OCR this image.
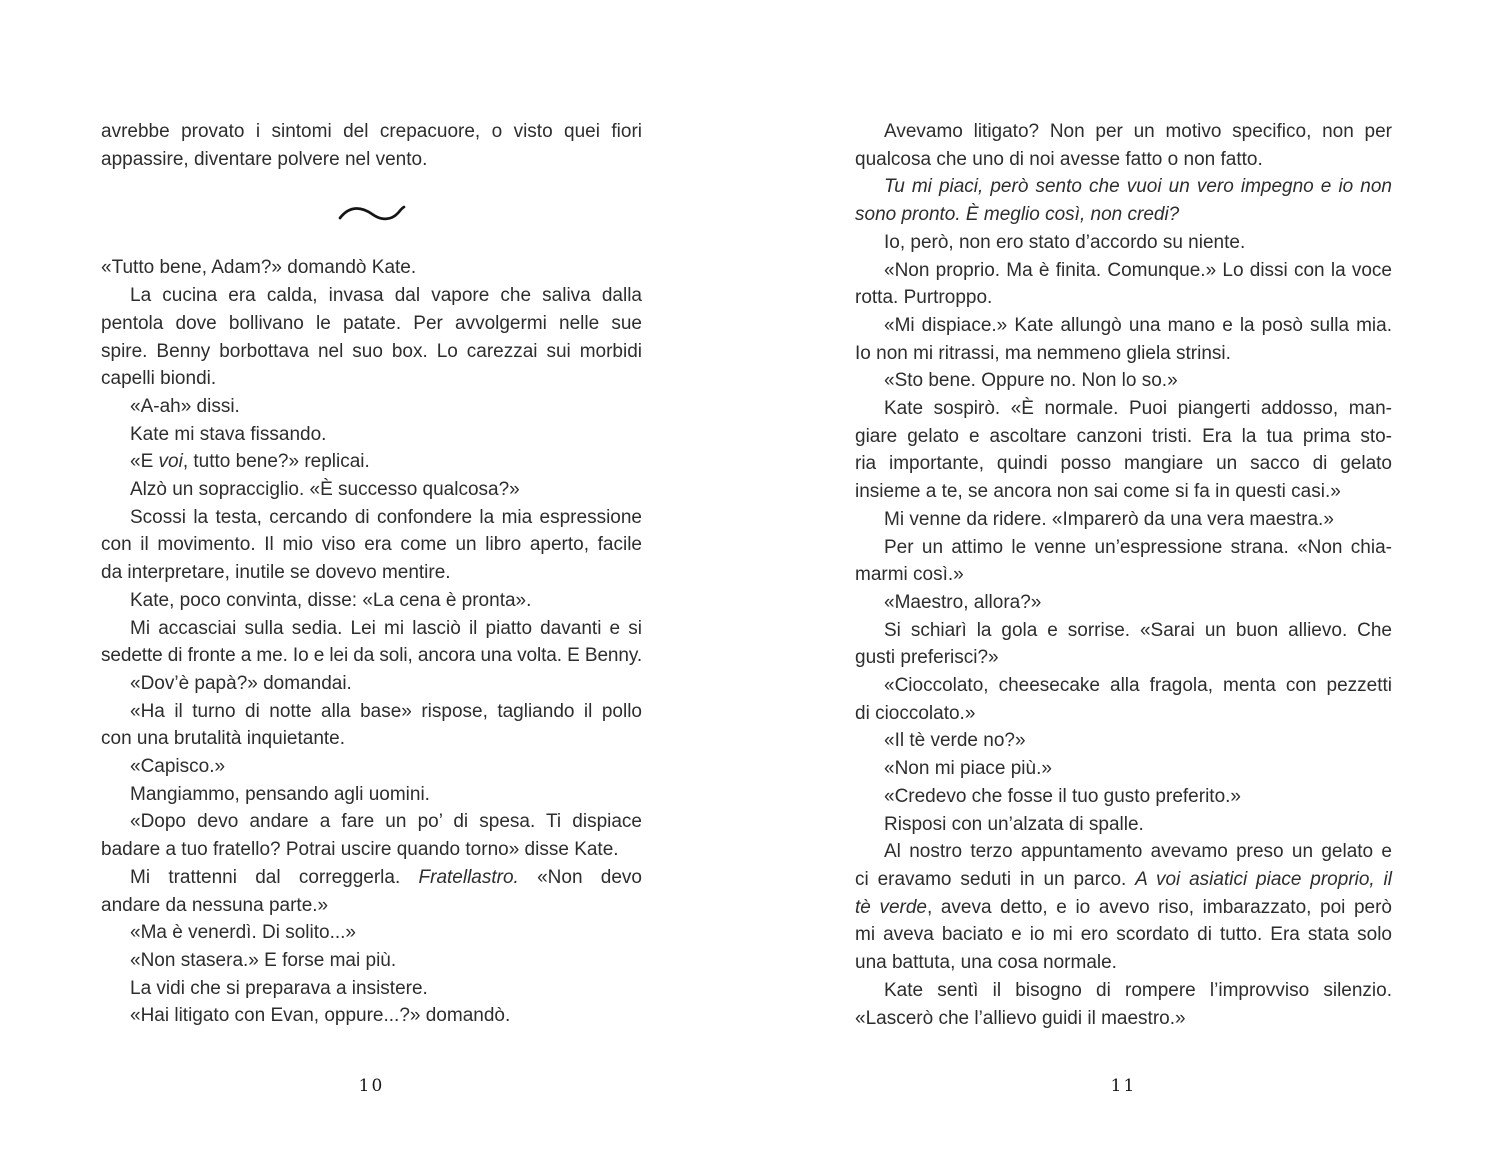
avrebbe provato i sintomi del crepacuore, o visto quei fiori
appassire, diventare polvere nel vento.
«Tutto bene, Adam?» domandò Kate.
La cucina era calda, invasa dal vapore che saliva dalla
pentola dove bollivano le patate. Per avvolgermi nelle sue
spire. Benny borbottava nel suo box. Lo carezzai sui morbidi
capelli biondi.
«A-ah» dissi.
Kate mi stava fissando.
«E voi, tutto bene?» replicai.
Alzò un sopracciglio. «È successo qualcosa?»
Scossi la testa, cercando di confondere la mia espressione
con il movimento. Il mio viso era come un libro aperto, facile
da interpretare, inutile se dovevo mentire.
Kate, poco convinta, disse: «La cena è pronta».
Mi accasciai sulla sedia. Lei mi lasciò il piatto davanti e si
sedette di fronte a me. Io e lei da soli, ancora una volta. E Benny.
«Dov’è papà?» domandai.
«Ha il turno di notte alla base» rispose, tagliando il pollo
con una brutalità inquietante.
«Capisco.»
Mangiammo, pensando agli uomini.
«Dopo devo andare a fare un po’ di spesa. Ti dispiace
badare a tuo fratello? Potrai uscire quando torno» disse Kate.
Mi trattenni dal correggerla. Fratellastro. «Non devo
andare da nessuna parte.»
«Ma è venerdì. Di solito...»
«Non stasera.» E forse mai più.
La vidi che si preparava a insistere.
«Hai litigato con Evan, oppure...?» domandò.
10
Avevamo litigato? Non per un motivo specifico, non per
qualcosa che uno di noi avesse fatto o non fatto.
Tu mi piaci, però sento che vuoi un vero impegno e io non
sono pronto. È meglio così, non credi?
Io, però, non ero stato d’accordo su niente.
«Non proprio. Ma è finita. Comunque.» Lo dissi con la voce
rotta. Purtroppo.
«Mi dispiace.» Kate allungò una mano e la posò sulla mia.
Io non mi ritrassi, ma nemmeno gliela strinsi.
«Sto bene. Oppure no. Non lo so.»
Kate sospirò. «È normale. Puoi piangerti addosso, man-
giare gelato e ascoltare canzoni tristi. Era la tua prima sto-
ria importante, quindi posso mangiare un sacco di gelato
insieme a te, se ancora non sai come si fa in questi casi.»
Mi venne da ridere. «Imparerò da una vera maestra.»
Per un attimo le venne un’espressione strana. «Non chia-
marmi così.»
«Maestro, allora?»
Si schiarì la gola e sorrise. «Sarai un buon allievo. Che
gusti preferisci?»
«Cioccolato, cheesecake alla fragola, menta con pezzetti
di cioccolato.»
«Il tè verde no?»
«Non mi piace più.»
«Credevo che fosse il tuo gusto preferito.»
Risposi con un’alzata di spalle.
Al nostro terzo appuntamento avevamo preso un gelato e
ci eravamo seduti in un parco. A voi asiatici piace proprio, il
tè verde, aveva detto, e io avevo riso, imbarazzato, poi però
mi aveva baciato e io mi ero scordato di tutto. Era stata solo
una battuta, una cosa normale.
Kate sentì il bisogno di rompere l’improvviso silenzio.
«Lascerò che l’allievo guidi il maestro.»
11
